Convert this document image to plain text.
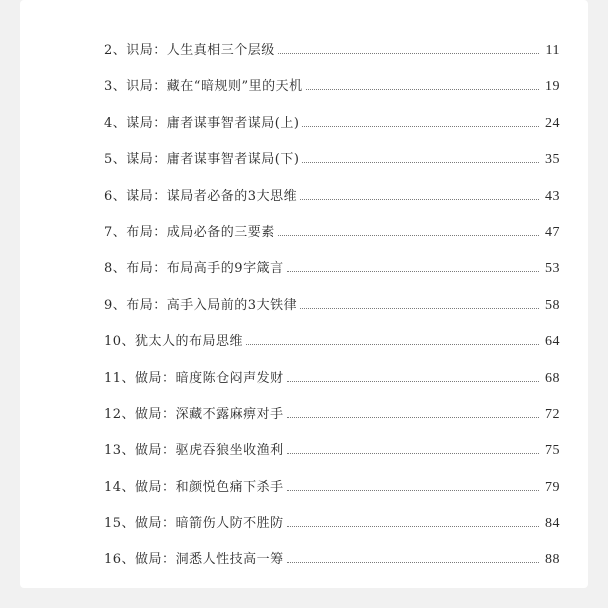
2、 识局： 人生真相三个层级	11
3、 识局： 藏在“暗规则”里的天机	19
4、 谋局： 庸者谋事智者谋局(上)	24
5、 谋局： 庸者谋事智者谋局(下)	35
6、 谋局： 谋局者必备的3大思维	43
7、 布局： 成局必备的三要素	47
8、 布局： 布局高手的9字箴言	53
9、 布局： 高手入局前的3大铁律	58
10、 犹太人的布局思维	64
11、 做局： 暗度陈仓闷声发财	68
12、 做局： 深藏不露麻痹对手	72
13、 做局： 驱虎吞狼坐收渔利	75
14、 做局： 和颜悦色痛下杀手	79
15、 做局： 暗箭伤人防不胜防	84
16、 做局： 洞悉人性技高一筹	88
